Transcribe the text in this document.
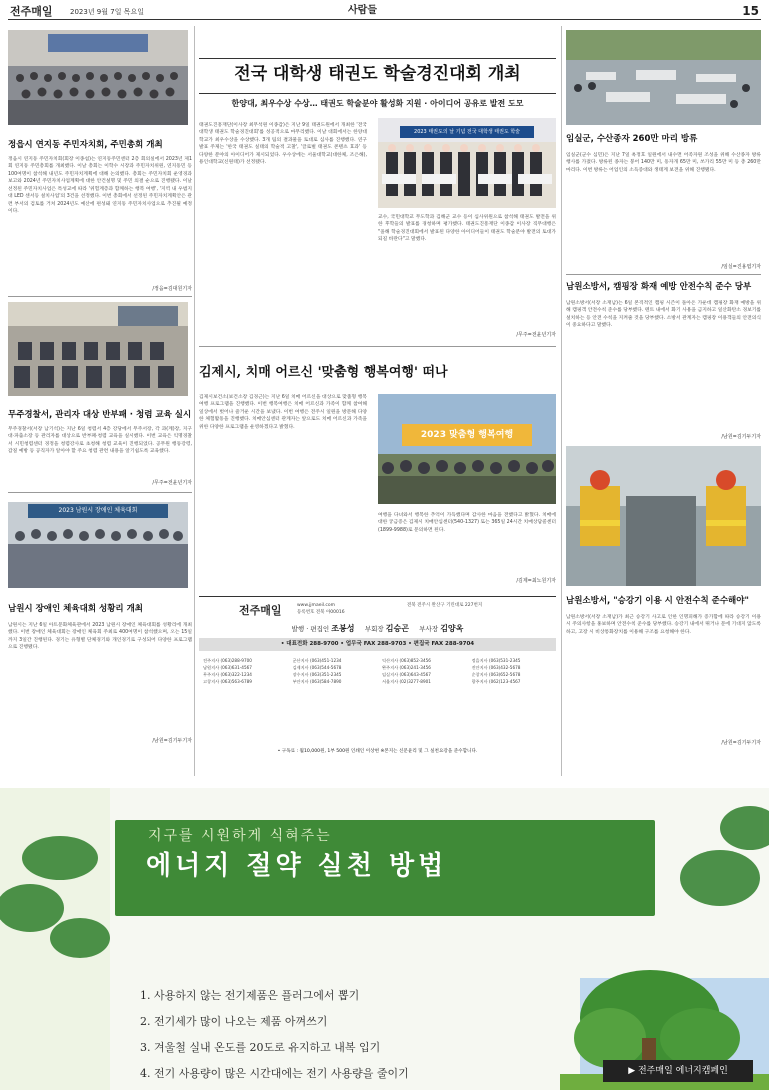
전주매일 2023년 9월 7일 목요일	사람들	15
정읍시 연지동 주민자치회, 주민총회 개최
정읍시 연지동 주민자치회(회장 이종섭)는 연지동주민센터 2층 회의실에서 2023년 제1회 연지동 주민총회를 개최했다. 이날 총회는 이학수 시장과 주민자치위원, 연지동민 등 100여명이 참석해 내년도 주민자치계획에 대해 논의했다. 총회는 주민자치회 운영경과보고와 2024년 주민자치사업계획에 대한 안건설명 및 주민 의결 순으로 진행됐다. 이날 선정된 주민자치사업은 특성교에 따라 '위험계층과 함께하는 행복 여행', '지역 내 우범지대 LED 센서등 설치사업'의 3건을 선정했다. 이번 총회에서 선정된 주민자치계획안은 관련 부서의 검토를 거쳐 2024년도 예산에 편성돼 연지동 주민자치사업으로 추진될 예정이다.
/정읍=김대원기자
무주경찰서, 관리자 대상 반부패 · 청렴 교육 실시
무주경찰서(서장 남기석)는 지난 6일 청렴서 4층 강당에서 무주서장, 각 과(계)장, 지구대·파출소장 등 관리자를 대상으로 반부패·청렴 교육을 실시했다. 이번 교육은 익명경찰서 시민청렴센터 경정을 청렴강사로 초청해 청렴 교육이 진행되었다. 공무원 행동강령, 갑질 예방 등 공직자가 알아야 할 주요 청렴 관련 내용을 알기쉽도록 교육했다.
/무주=전윤년기자
2023 남원시 장애인 체육대회
남원시 장애인 체육대회 성황리 개최
남원시는 지난 6일 아트문화체육관에서 2023 남원시 장애인 체육대회를 성황리에 개최했다. 이번 장애인 체육대회는 장애인 체육회 주최로 400여명이 참석했으며, 오는 15일까지 3일간 진행된다. 경기는 유형별 단체경기와 개인경기로 구성되어 다양한 프로그램으로 진행됐다.
/남원=김기두기자
전국 대학생 태권도 학술경진대회 개최
한양대, 최우수상 수상… 태권도 학술분야 활성화 지원 · 아이디어 공유로 발전 도모
태권도진흥재단(이사장 최무석원 이종갑)은 지난 9일 태권도원에서 개최한 '전국 대학생 태권도 학술경진대회'를 성공적으로 마무리했다. 이날 대회에서는 한양대학교가 최우수상을 수상했다. 3개 팀의 결과물을 토대로 심사를 진행했다. 연구 발표 주제는 '한국 태권도 실태의 학술적 고찰', '글로벌 태권도 콘텐츠 효과' 등 다양한 분야의 아이디어가 제시되었다. 우수상에는 서울대학교(대한체, 조은해), 용인대학교(신원태)가 선정됐다.
2023 태권도의 날 기념 전국 대학생 태권도 학술
교수, 국민대학교 무도학과 김해군 교수 등이 심사위원으로 참석해 태권도 발전을 위한 후학들의 발표를 경청하며 평가했다. 태권도진흥재단 이종갑 이사장 직무대행은 "올해 학술경진대회에서 발표된 다양한 아이디어들이 태권도 학술분야 발전의 토대가 되길 바란다"고 말했다.
/무주=전윤년기자
김제시, 치매 어르신 '맞춤형 행복여행' 떠나
김제시보건소(보건소장 김경근)는 지난 6일 치매 어르신을 대상으로 맞춤형 행복여행 프로그램을 진행했다. 이번 행복여행은 치매 어르신과 가족이 함께 참여해 일상에서 벗어나 즐거운 시간을 보냈다. 이번 여행은 전주시 일원을 방문해 다양한 체험활동을 진행했다. 치매안심센터 관계자는 앞으로도 치매 어르신과 가족을 위한 다양한 프로그램을 운영하겠다고 밝혔다.
2023 맞춤형 행복여행
여행을 다녀와서 행복한 추억이 가득했다며 감사한 마음을 전했다고 밝혔다. 치매에 대한 궁금증은 김제시 치매안심센터(540-1327) 또는 365일 24시간 치매상담콜센터(1899-9988)로 문의하면 된다.
/김제=최노원기자
전주매일	www.jjmaeil.com
등록번호 전북 아00016
전북 전주시 완산구 기린대로 227번지
발행 · 편집인 조봉성 부회장 김승곤 부사장 김양옥
• 대표전화 288-9700 • 업무국 FAX 288-9703 • 편집국 FAX 288-9704
전주지사 (063)288-9700	군산지사 (063)451-1234	익산지사 (063)852-3456	정읍지사 (063)531-2345
남원지사 (063)631-4567	김제지사 (063)544-5678	완주지사 (063)241-3456	진안지사 (063)432-5678
무주지사 (063)322-1234	장수지사 (063)351-2345	임실지사 (063)643-4567	순창지사 (063)652-5678
고창지사 (063)563-6789	부안지사 (063)584-7890	서울지사 (02)3277-8901	광주지사 (062)123-4567
• 구독료 : 월10,000원, 1부 500원 인쇄인 이상현 ※본지는 신문윤리 및 그 실천요강을 준수합니다.
임실군, 수산종자 260만 마리 방류
임실군(군수 심민)은 지난 7일 옥정호 일원에서 내수면 어족자원 조성을 위해 수산종자 방류 행사를 가졌다. 방류된 종자는 붕어 140만 미, 동자개 65만 미, 쏘가리 55만 미 등 총 260만 마리다. 이번 방류는 어업인의 소득증대와 생태계 보전을 위해 진행됐다.
/임실=진용엽기자
남원소방서, 캠핑장 화재 예방 안전수칙 준수 당부
남원소방서(서장 소재남)는 6일 본격적인 캠핑 시즌이 돌아온 가운데 캠핑장 화재 예방을 위해 캠핑객 안전수칙 준수를 당부했다. 텐트 내에서 화기 사용을 금지하고 일산화탄소 경보기를 설치하는 등 안전 수칙을 지켜줄 것을 당부했다. 소방서 관계자는 캠핑장 이용객들의 안전의식이 중요하다고 말했다.
/남원=김기두기자
남원소방서, "승강기 이용 시 안전수칙 준수해야"
남원소방서(서장 소재남)가 최근 승강기 사고로 인한 인명피해가 증가함에 따라 승강기 이용 시 주의사항을 홍보하며 안전수칙 준수를 당부했다. 승강기 내에서 뛰거나 문에 기대지 않도록 하고, 고장 시 비상통화장치를 이용해 구조를 요청해야 한다.
/남원=김기두기자
지구를 시원하게 식혀주는
에너지 절약 실천 방법
1. 사용하지 않는 전기제품은 플러그에서 뽑기
2. 전기세가 많이 나오는 제품 아껴쓰기
3. 겨울철 실내 온도를 20도로 유지하고 내복 입기
4. 전기 사용량이 많은 시간대에는 전기 사용량을 줄이기	▶ 전주매일 에너지캠페인
